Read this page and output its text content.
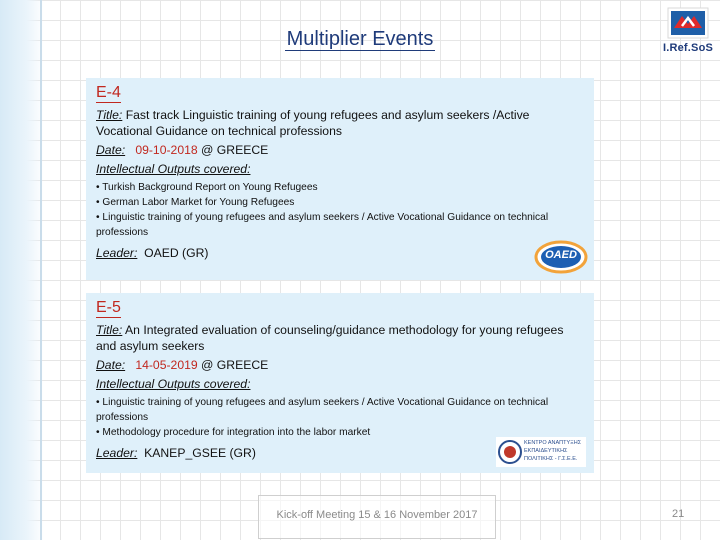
Multiplier Events	I.Ref.SoS
E-4
Title: Fast track Linguistic training of young refugees and asylum seekers /Active Vocational Guidance on technical professions
Date: 09-10-2018 @ GREECE
Intellectual Outputs covered:
• Turkish Background Report on Young Refugees
• German Labor Market for Young Refugees
• Linguistic training of young refugees and asylum seekers / Active Vocational Guidance on technical professions
Leader: OAED (GR)	OAED
E-5
Title: An Integrated evaluation of counseling/guidance methodology for young refugees and asylum seekers
Date: 14-05-2019 @ GREECE
Intellectual Outputs covered:
• Linguistic training of young refugees and asylum seekers / Active Vocational Guidance on technical professions
• Methodology procedure for integration into the labor market
Leader: KANEP_GSEE (GR)
ΚΕΝΤΡΟ ΑΝΑΠΤΥΞΗΣ
ΕΚΠΑΙΔΕΥΤΙΚΗΣ
ΠΟΛΙΤΙΚΗΣ - Γ.Σ.Ε.Ε.
Kick-off Meeting 15 & 16 November 2017	21
